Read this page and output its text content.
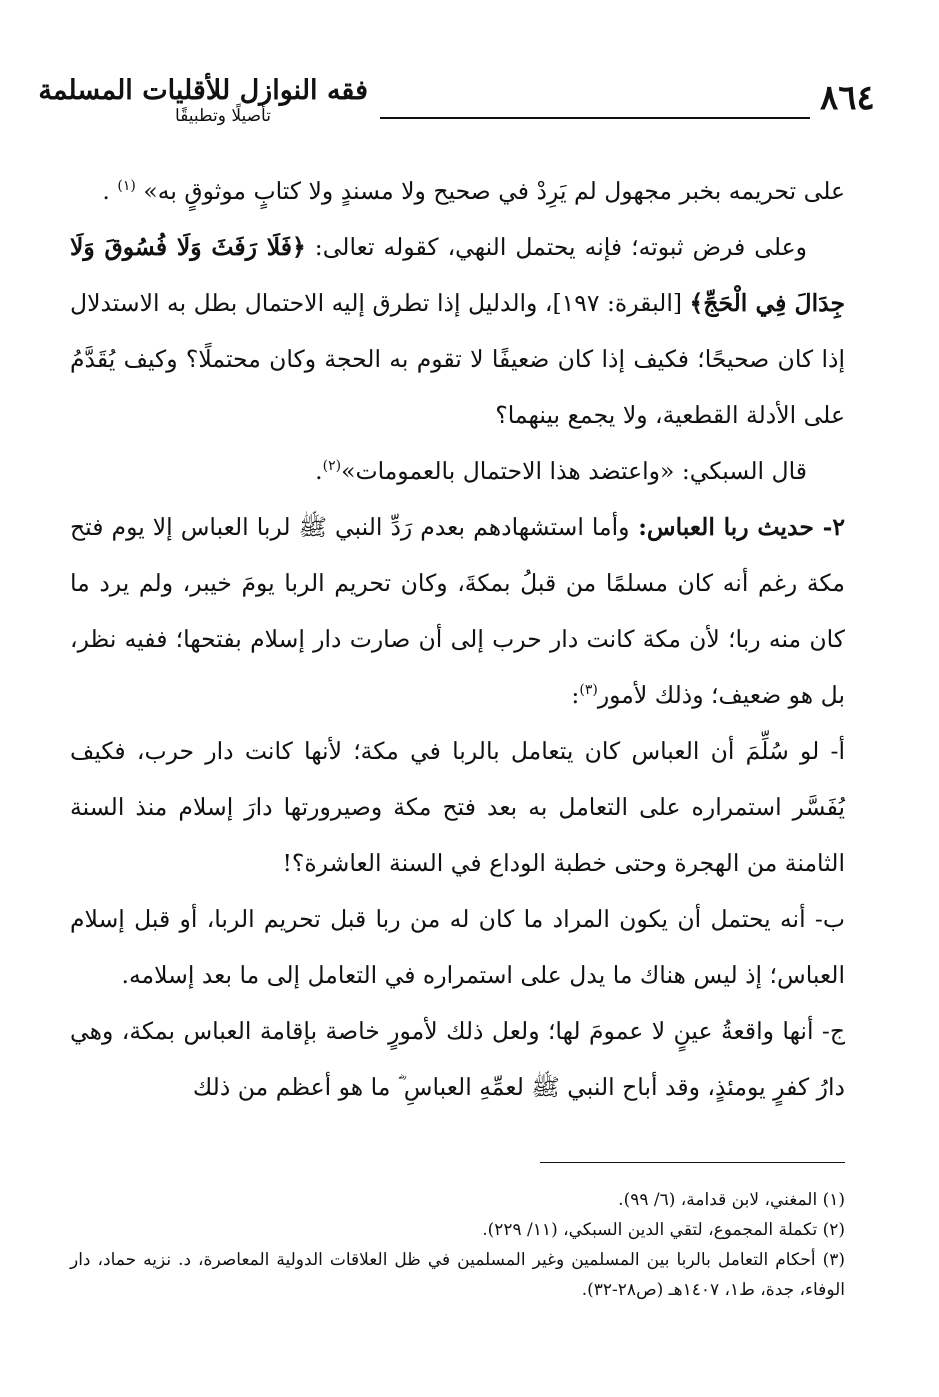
٨٦٤
فقه النوازل للأقليات المسلمة
تأصيلًا وتطبيقًا

على تحريمه بخبر مجهول لم يَرِدْ في صحيح ولا مسندٍ ولا كتابٍ موثوقٍ به» $^{(١)}$ .

وعلى فرض ثبوته؛ فإنه يحتمل النهي، كقوله تعالى: ﴿فَلَا رَفَثَ وَلَا فُسُوقَ وَلَا جِدَالَ فِي الْحَجِّ﴾ [البقرة: ١٩٧]، والدليل إذا تطرق إليه الاحتمال بطل به الاستدلال إذا كان صحيحًا؛ فكيف إذا كان ضعيفًا لا تقوم به الحجة وكان محتملًا؟ وكيف يُقَدَّمُ على الأدلة القطعية، ولا يجمع بينهما؟

قال السبكي: «واعتضد هذا الاحتمال بالعمومات»$^{(٢)}$.

٢- حديث ربا العباس: وأما استشهادهم بعدم رَدِّ النبي ﷺ لربا العباس إلا يوم فتح مكة رغم أنه كان مسلمًا من قبلُ بمكةَ، وكان تحريم الربا يومَ خيبر، ولم يرد ما كان منه ربا؛ لأن مكة كانت دار حرب إلى أن صارت دار إسلام بفتحها؛ ففيه نظر، بل هو ضعيف؛ وذلك لأمور$^{(٣)}$:

أ- لو سُلِّمَ أن العباس كان يتعامل بالربا في مكة؛ لأنها كانت دار حرب، فكيف يُفَسَّر استمراره على التعامل به بعد فتح مكة وصيرورتها دارَ إسلام منذ السنة الثامنة من الهجرة وحتى خطبة الوداع في السنة العاشرة؟!

ب- أنه يحتمل أن يكون المراد ما كان له من ربا قبل تحريم الربا، أو قبل إسلام العباس؛ إذ ليس هناك ما يدل على استمراره في التعامل إلى ما بعد إسلامه.

ج- أنها واقعةُ عينٍ لا عمومَ لها؛ ولعل ذلك لأمورٍ خاصة بإقامة العباس بمكة، وهي دارُ كفرٍ يومئذٍ، وقد أباح النبي ﷺ لعمِّهِ العباسِ ؓ ما هو أعظم من ذلك

(١) المغني، لابن قدامة، (٦/ ٩٩).

(٢) تكملة المجموع، لتقي الدين السبكي، (١١/ ٢٢٩).

(٣) أحكام التعامل بالربا بين المسلمين وغير المسلمين في ظل العلاقات الدولية المعاصرة، د. نزيه حماد، دار الوفاء، جدة، ط١، ١٤٠٧هـ (ص٢٨-٣٢).
